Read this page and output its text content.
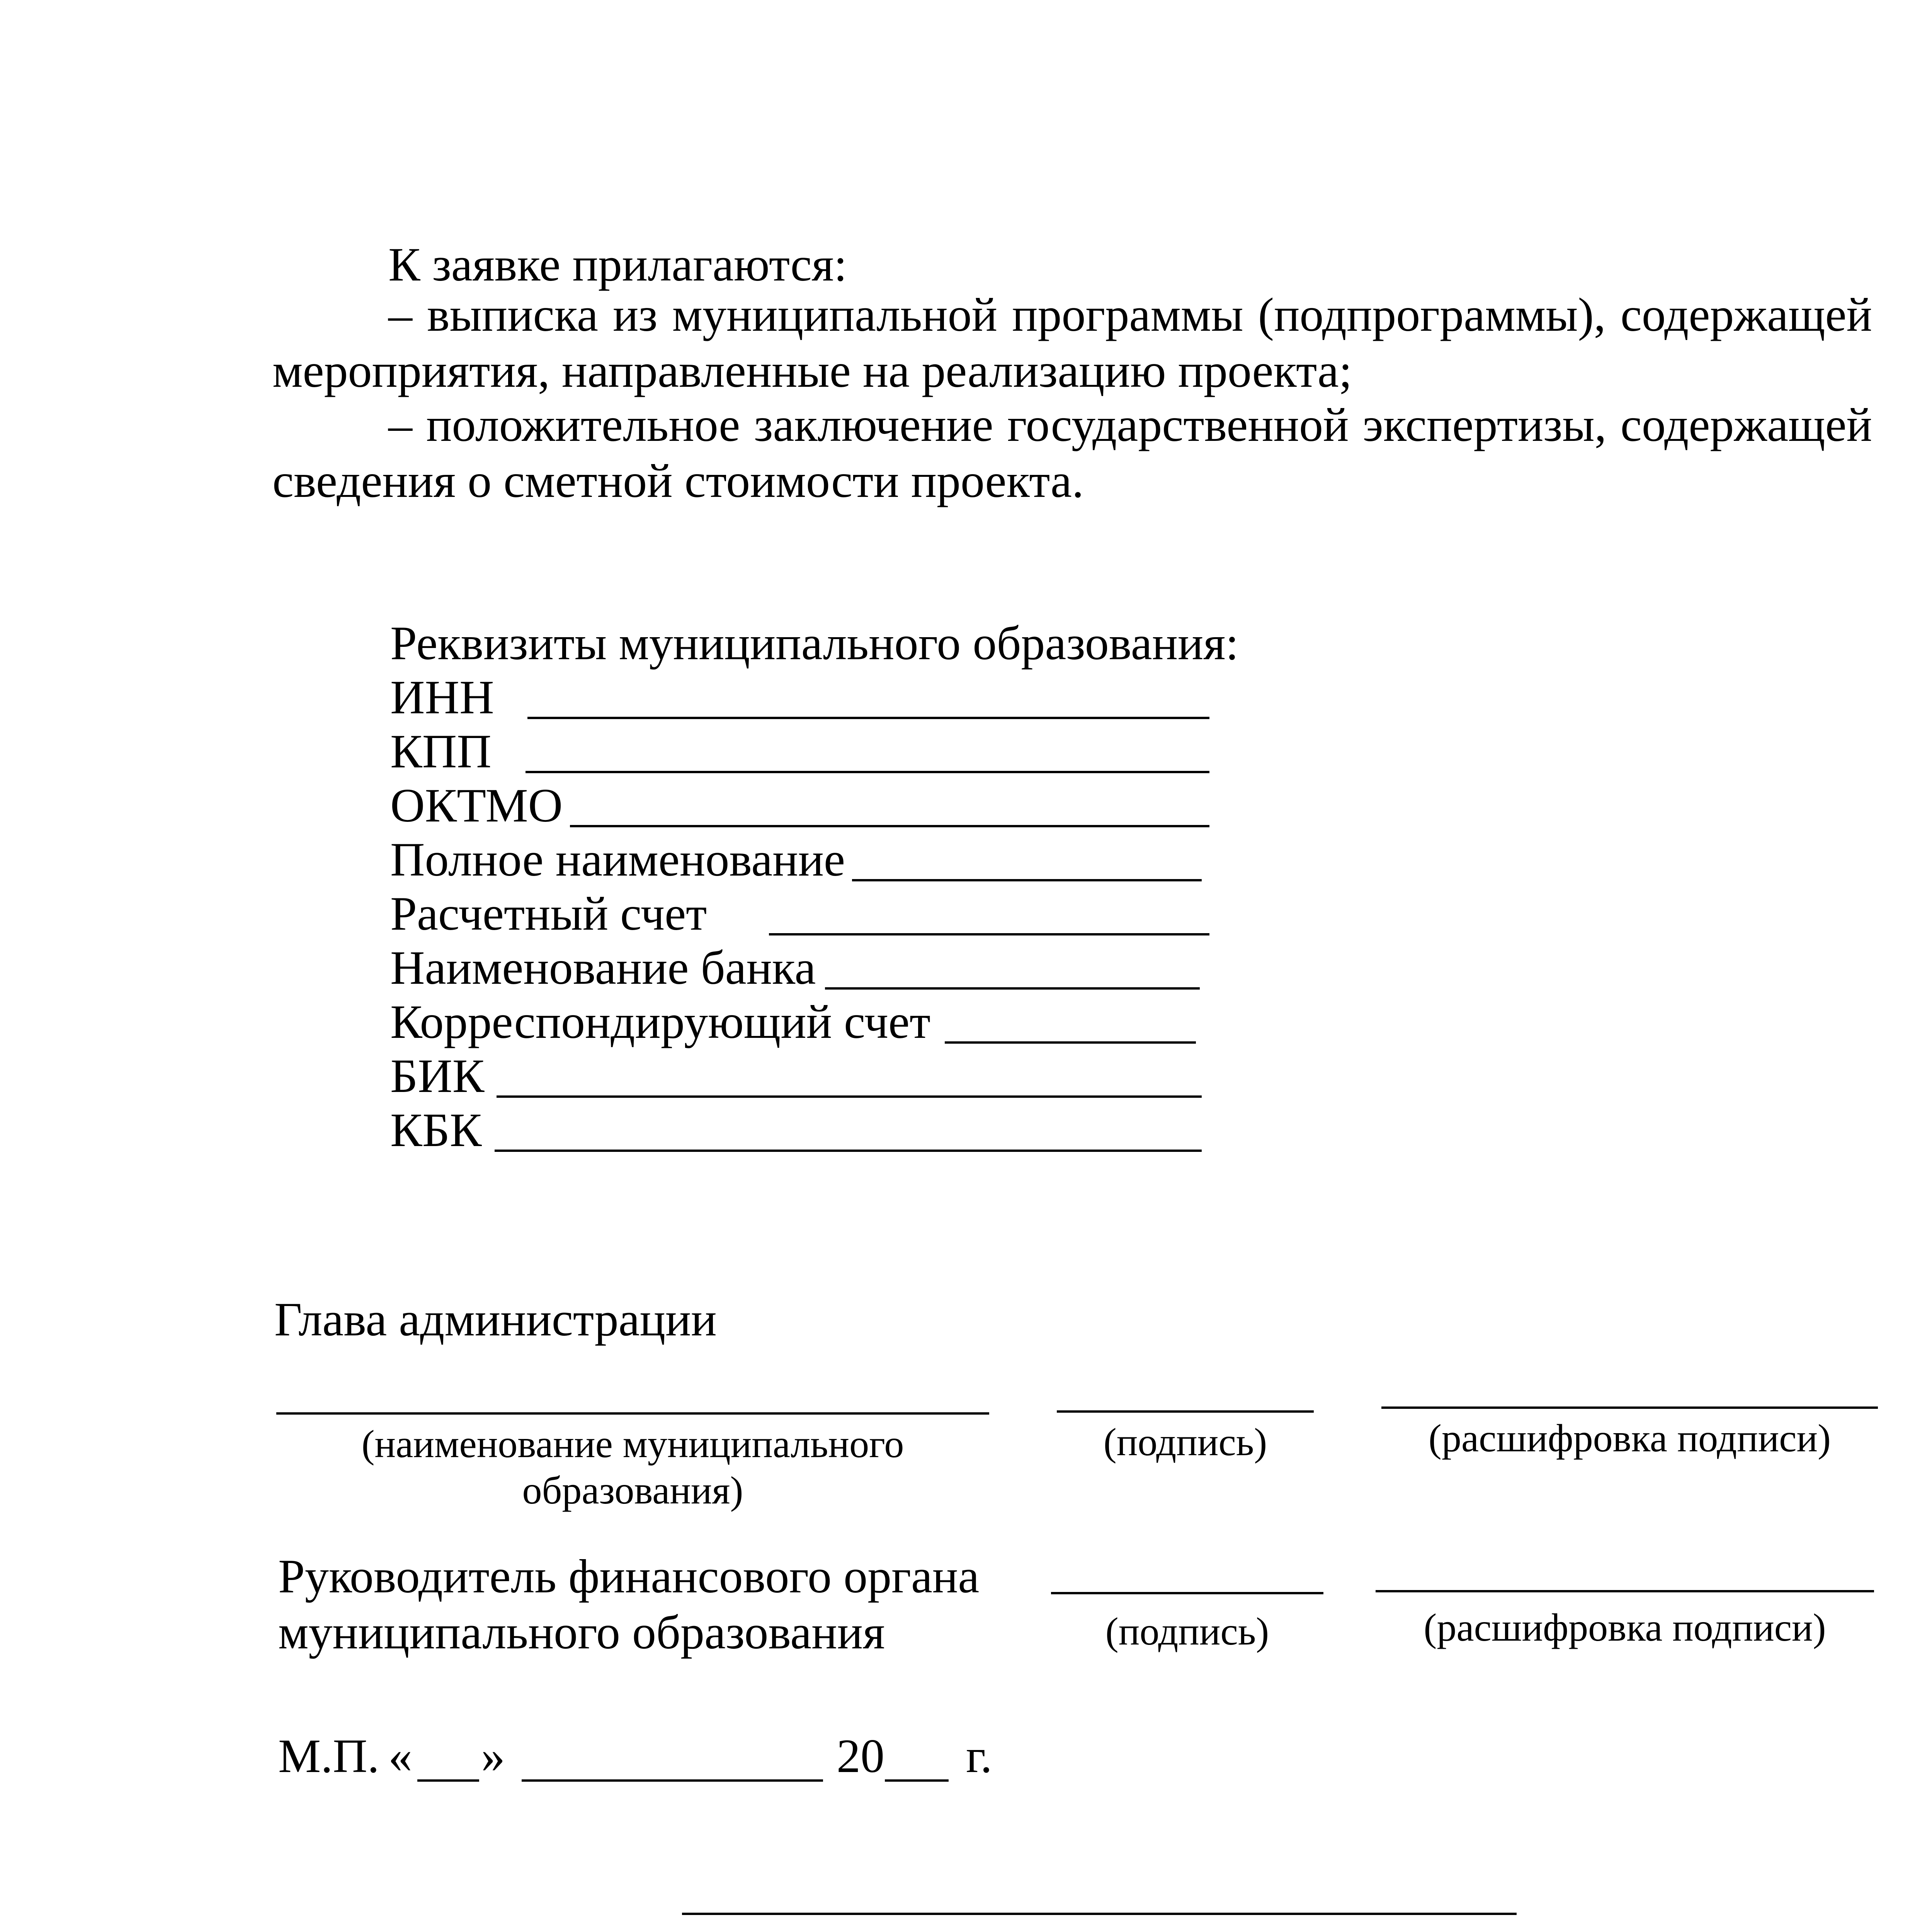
К заявке прилагаются:
– выписка из муниципальной программы (подпрограммы), содержащей
мероприятия, направленные на реализацию проекта;
– положительное заключение государственной экспертизы, содержащей
сведения о сметной стоимости проекта.
Реквизиты муниципального образования:
ИНН
КПП
ОКТМО
Полное наименование
Расчетный счет
Наименование банка
Корреспондирующий счет
БИК
КБК
Глава администрации
(наименование муниципального
образования)
(подпись)	(расшифровка подписи)
Руководитель финансового органа
муниципального образования	(подпись)	(расшифровка подписи)
М.П. « »	20 г.
